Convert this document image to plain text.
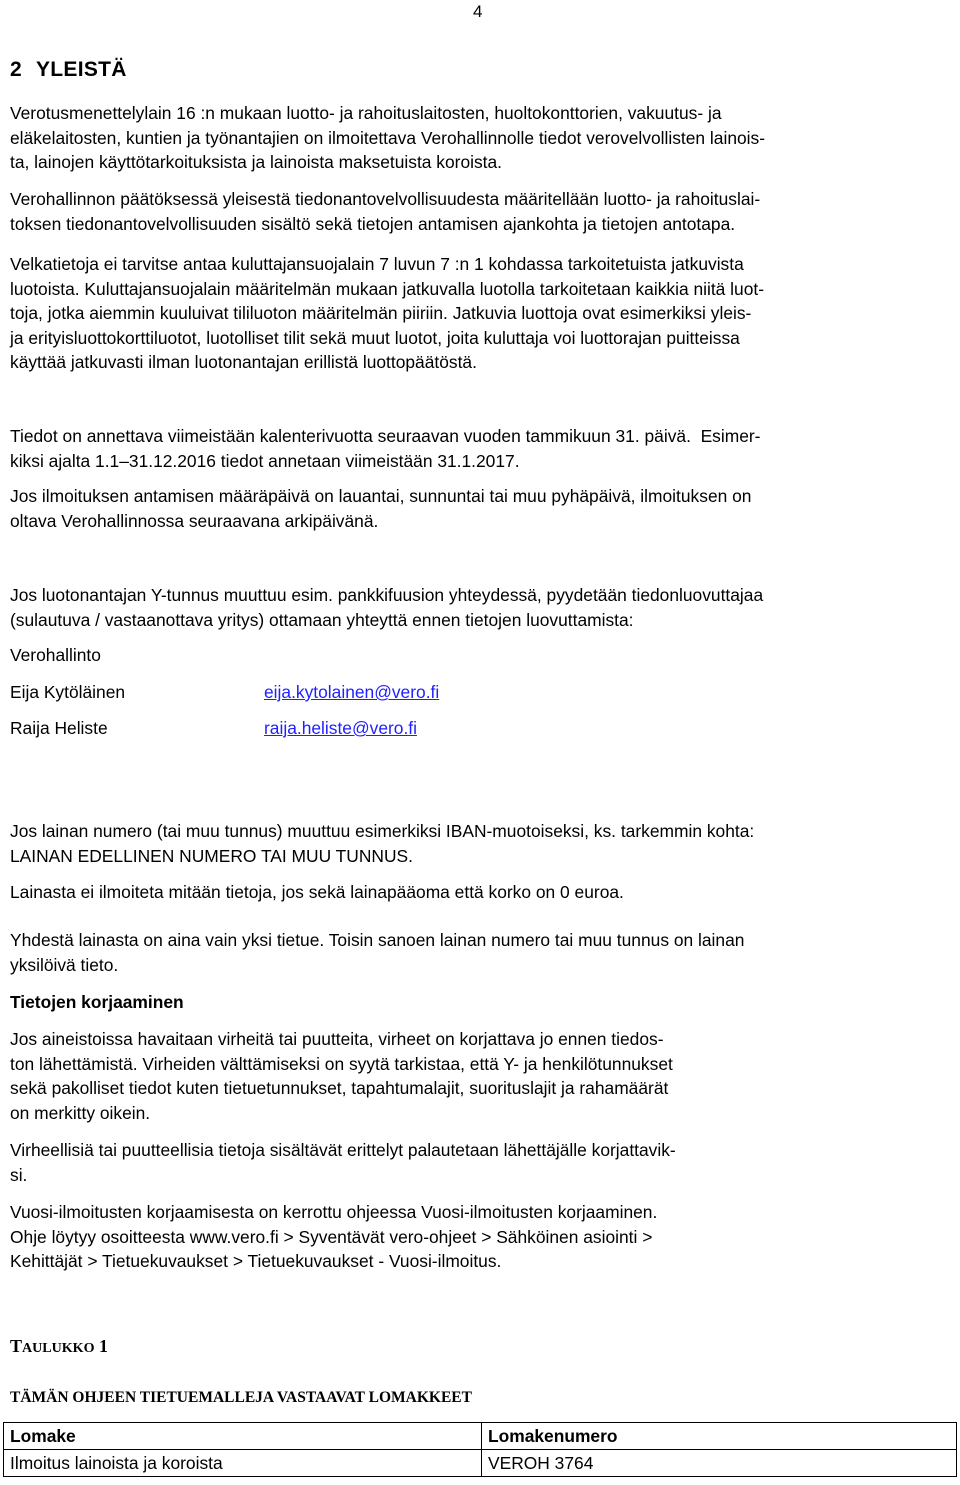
4
2 YLEISTÄ
Verotusmenettelylain 16 :n mukaan luotto- ja rahoituslaitosten, huoltokonttorien, vakuutus- ja
eläkelaitosten, kuntien ja työnantajien on ilmoitettava Verohallinnolle tiedot verovelvollisten lainois-
ta, lainojen käyttötarkoituksista ja lainoista maksetuista koroista.
Verohallinnon päätöksessä yleisestä tiedonantovelvollisuudesta määritellään luotto- ja rahoituslai-
toksen tiedonantovelvollisuuden sisältö sekä tietojen antamisen ajankohta ja tietojen antotapa.
Velkatietoja ei tarvitse antaa kuluttajansuojalain 7 luvun 7 :n 1 kohdassa tarkoitetuista jatkuvista
luotoista. Kuluttajansuojalain määritelmän mukaan jatkuvalla luotolla tarkoitetaan kaikkia niitä luot-
toja, jotka aiemmin kuuluivat tililuoton määritelmän piiriin. Jatkuvia luottoja ovat esimerkiksi yleis-
ja erityisluottokorttiluotot, luotolliset tilit sekä muut luotot, joita kuluttaja voi luottorajan puitteissa
käyttää jatkuvasti ilman luotonantajan erillistä luottopäätöstä.
Tiedot on annettava viimeistään kalenterivuotta seuraavan vuoden tammikuun 31. päivä.  Esimer-
kiksi ajalta 1.1–31.12.2016 tiedot annetaan viimeistään 31.1.2017.
Jos ilmoituksen antamisen määräpäivä on lauantai, sunnuntai tai muu pyhäpäivä, ilmoituksen on
oltava Verohallinnossa seuraavana arkipäivänä.
Jos luotonantajan Y-tunnus muuttuu esim. pankkifuusion yhteydessä, pyydetään tiedonluovuttajaa
(sulautuva / vastaanottava yritys) ottamaan yhteyttä ennen tietojen luovuttamista:
Verohallinto
Eija Kytöläinen	eija.kytolainen@vero.fi
Raija Heliste	raija.heliste@vero.fi
Jos lainan numero (tai muu tunnus) muuttuu esimerkiksi IBAN-muotoiseksi, ks. tarkemmin kohta:
LAINAN EDELLINEN NUMERO TAI MUU TUNNUS.
Lainasta ei ilmoiteta mitään tietoja, jos sekä lainapääoma että korko on 0 euroa.
Yhdestä lainasta on aina vain yksi tietue. Toisin sanoen lainan numero tai muu tunnus on lainan
yksilöivä tieto.
Tietojen korjaaminen
Jos aineistoissa havaitaan virheitä tai puutteita, virheet on korjattava jo ennen tiedos-
ton lähettämistä. Virheiden välttämiseksi on syytä tarkistaa, että Y- ja henkilötunnukset
sekä pakolliset tiedot kuten tietuetunnukset, tapahtumalajit, suorituslajit ja rahamäärät
on merkitty oikein.
Virheellisiä tai puutteellisia tietoja sisältävät erittelyt palautetaan lähettäjälle korjattavik-
si.
Vuosi-ilmoitusten korjaamisesta on kerrottu ohjeessa Vuosi-ilmoitusten korjaaminen.
Ohje löytyy osoitteesta www.vero.fi > Syventävät vero-ohjeet > Sähköinen asiointi >
Kehittäjät > Tietuekuvaukset > Tietuekuvaukset - Vuosi-ilmoitus.
TAULUKKO 1
TÄMÄN OHJEEN TIETUEMALLEJA VASTAAVAT LOMAKKEET
Lomake	Lomakenumero
Ilmoitus lainoista ja koroista	VEROH 3764
